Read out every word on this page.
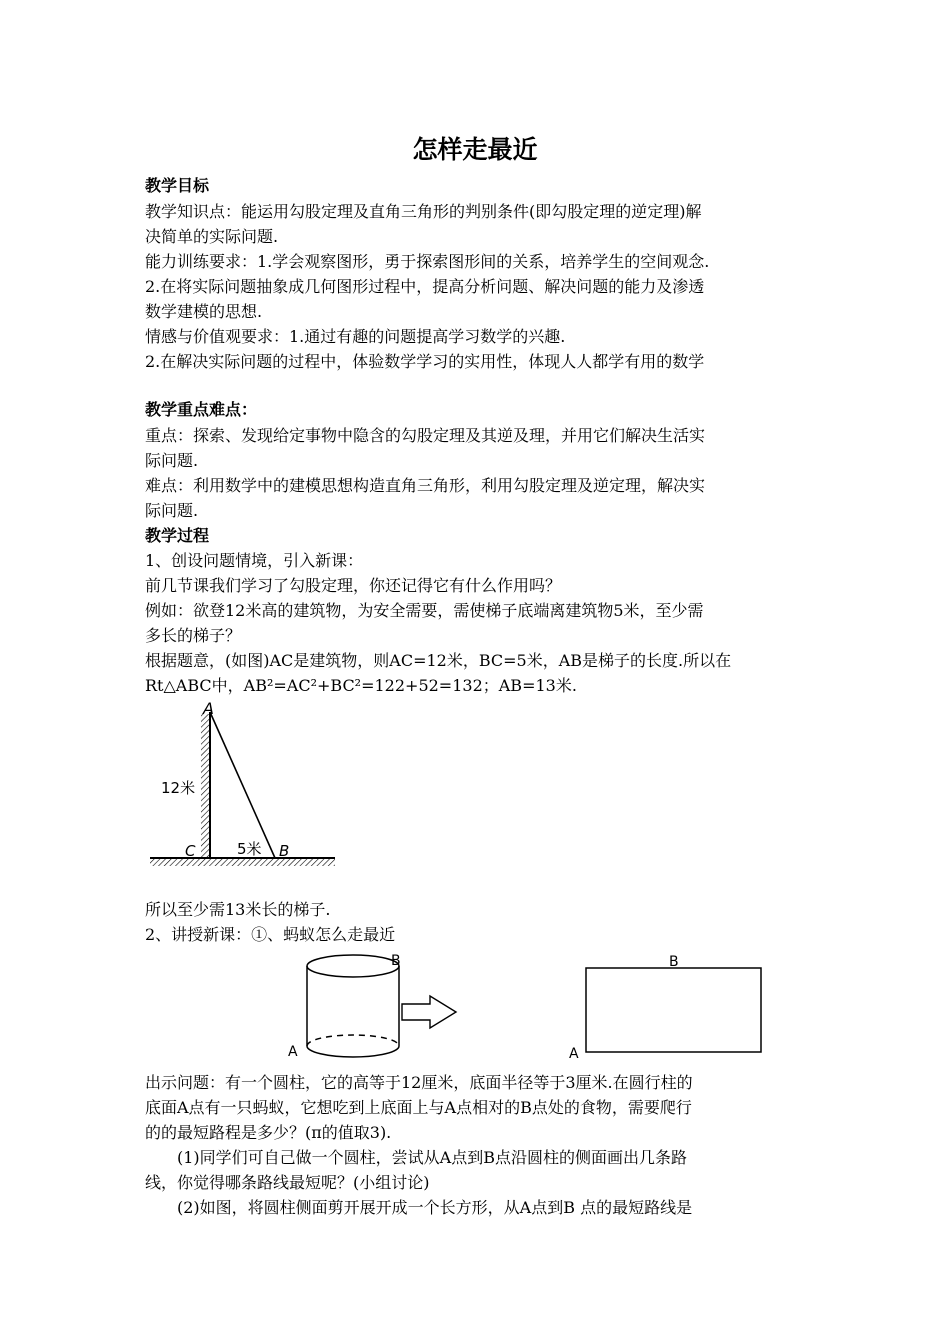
怎样走最近
教学目标
教学知识点：能运用勾股定理及直角三角形的判别条件(即勾股定理的逆定理)解
决简单的实际问题.
能力训练要求：1.学会观察图形，勇于探索图形间的关系，培养学生的空间观念.
2.在将实际问题抽象成几何图形过程中，提高分析问题、解决问题的能力及渗透
数学建模的思想.
情感与价值观要求：1.通过有趣的问题提高学习数学的兴趣.
2.在解决实际问题的过程中，体验数学学习的实用性，体现人人都学有用的数学
教学重点难点：
重点：探索、发现给定事物中隐含的勾股定理及其逆及理，并用它们解决生活实
际问题.
难点：利用数学中的建模思想构造直角三角形，利用勾股定理及逆定理，解决实
际问题.
教学过程
1、创设问题情境，引入新课：
前几节课我们学习了勾股定理，你还记得它有什么作用吗？
例如：欲登12米高的建筑物，为安全需要，需使梯子底端离建筑物5米，至少需
多长的梯子？
根据题意，(如图)AC是建筑物，则AC=12米，BC=5米，AB是梯子的长度.所以在
Rt△ABC中，AB²=AC²+BC²=122+52=132；AB=13米.
A
12米
C	5米 B
所以至少需13米长的梯子.
2、讲授新课：①、蚂蚁怎么走最近
B
A
B
A
出示问题：有一个圆柱，它的高等于12厘米，底面半径等于3厘米.在圆行柱的
底面A点有一只蚂蚁，它想吃到上底面上与A点相对的B点处的食物，需要爬行
的的最短路程是多少？(π的值取3).
(1)同学们可自己做一个圆柱，尝试从A点到B点沿圆柱的侧面画出几条路
线，你觉得哪条路线最短呢？(小组讨论)
(2)如图，将圆柱侧面剪开展开成一个长方形，从A点到B 点的最短路线是
